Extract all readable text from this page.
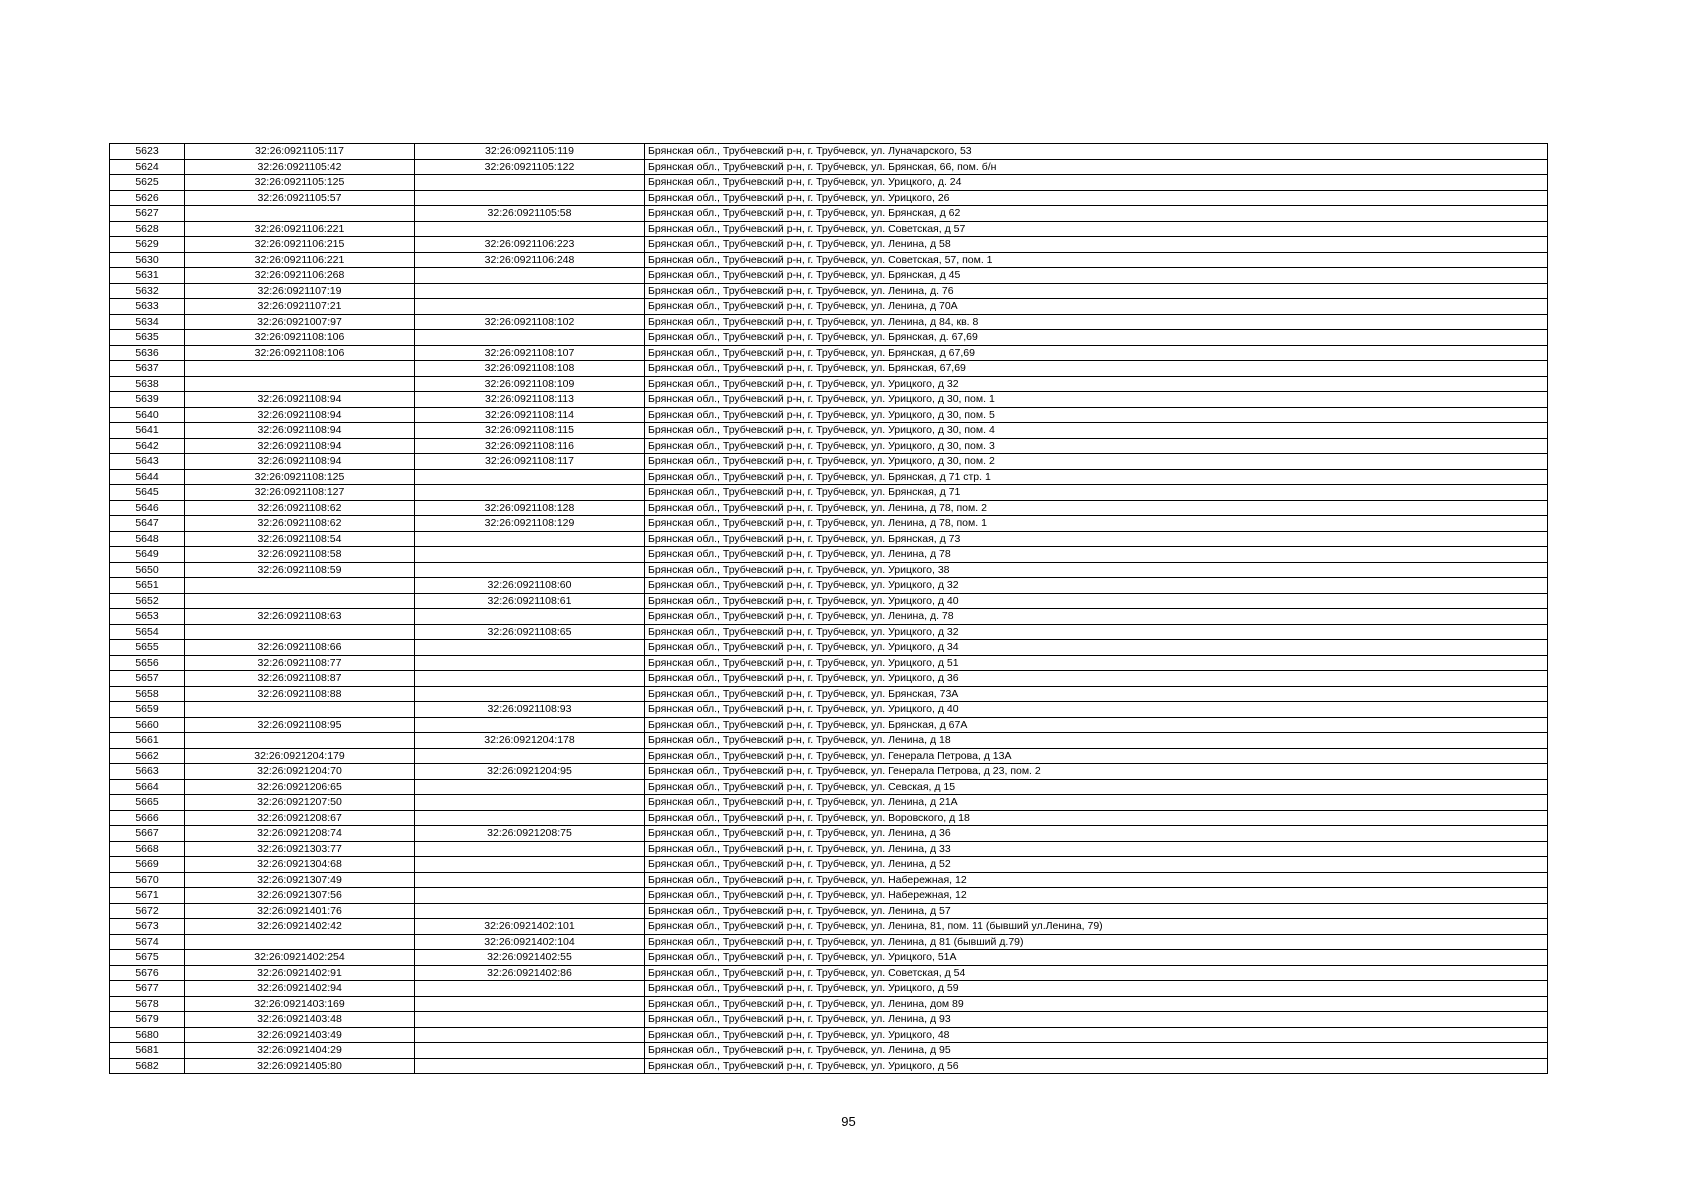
5623	32:26:0921105:117	32:26:0921105:119	Брянская обл., Трубчевский р-н, г. Трубчевск, ул. Луначарского, 53
5624	32:26:0921105:42	32:26:0921105:122	Брянская обл., Трубчевский р-н, г. Трубчевск, ул. Брянская, 66, пом. б/н
5625	32:26:0921105:125		Брянская обл., Трубчевский р-н, г. Трубчевск, ул. Урицкого, д. 24
5626	32:26:0921105:57		Брянская обл., Трубчевский р-н, г. Трубчевск, ул. Урицкого, 26
5627		32:26:0921105:58	Брянская обл., Трубчевский р-н, г. Трубчевск, ул. Брянская, д 62
5628	32:26:0921106:221		Брянская обл., Трубчевский р-н, г. Трубчевск, ул. Советская, д 57
5629	32:26:0921106:215	32:26:0921106:223	Брянская обл., Трубчевский р-н, г. Трубчевск, ул. Ленина, д 58
5630	32:26:0921106:221	32:26:0921106:248	Брянская обл., Трубчевский р-н, г. Трубчевск, ул. Советская, 57, пом. 1
5631	32:26:0921106:268		Брянская обл., Трубчевский р-н, г. Трубчевск, ул. Брянская, д 45
5632	32:26:0921107:19		Брянская обл., Трубчевский р-н, г. Трубчевск, ул. Ленина, д. 76
5633	32:26:0921107:21		Брянская обл., Трубчевский р-н, г. Трубчевск, ул. Ленина, д 70А
5634	32:26:0921007:97	32:26:0921108:102	Брянская обл., Трубчевский р-н, г. Трубчевск, ул. Ленина, д 84, кв. 8
5635	32:26:0921108:106		Брянская обл., Трубчевский р-н, г. Трубчевск, ул. Брянская, д. 67,69
5636	32:26:0921108:106	32:26:0921108:107	Брянская обл., Трубчевский р-н, г. Трубчевск, ул. Брянская, д 67,69
5637		32:26:0921108:108	Брянская обл., Трубчевский р-н, г. Трубчевск, ул. Брянская, 67,69
5638		32:26:0921108:109	Брянская обл., Трубчевский р-н, г. Трубчевск, ул. Урицкого, д 32
5639	32:26:0921108:94	32:26:0921108:113	Брянская обл., Трубчевский р-н, г. Трубчевск, ул. Урицкого, д 30, пом. 1
5640	32:26:0921108:94	32:26:0921108:114	Брянская обл., Трубчевский р-н, г. Трубчевск, ул. Урицкого, д 30, пом. 5
5641	32:26:0921108:94	32:26:0921108:115	Брянская обл., Трубчевский р-н, г. Трубчевск, ул. Урицкого, д 30, пом. 4
5642	32:26:0921108:94	32:26:0921108:116	Брянская обл., Трубчевский р-н, г. Трубчевск, ул. Урицкого, д 30, пом. 3
5643	32:26:0921108:94	32:26:0921108:117	Брянская обл., Трубчевский р-н, г. Трубчевск, ул. Урицкого, д 30, пом. 2
5644	32:26:0921108:125		Брянская обл., Трубчевский р-н, г. Трубчевск, ул. Брянская, д 71 стр. 1
5645	32:26:0921108:127		Брянская обл., Трубчевский р-н, г. Трубчевск, ул. Брянская, д 71
5646	32:26:0921108:62	32:26:0921108:128	Брянская обл., Трубчевский р-н, г. Трубчевск, ул. Ленина, д 78, пом. 2
5647	32:26:0921108:62	32:26:0921108:129	Брянская обл., Трубчевский р-н, г. Трубчевск, ул. Ленина, д 78, пом. 1
5648	32:26:0921108:54		Брянская обл., Трубчевский р-н, г. Трубчевск, ул. Брянская, д 73
5649	32:26:0921108:58		Брянская обл., Трубчевский р-н, г. Трубчевск, ул. Ленина, д 78
5650	32:26:0921108:59		Брянская обл., Трубчевский р-н, г. Трубчевск, ул. Урицкого, 38
5651		32:26:0921108:60	Брянская обл., Трубчевский р-н, г. Трубчевск, ул. Урицкого, д 32
5652		32:26:0921108:61	Брянская обл., Трубчевский р-н, г. Трубчевск, ул. Урицкого, д 40
5653	32:26:0921108:63		Брянская обл., Трубчевский р-н, г. Трубчевск, ул. Ленина, д. 78
5654		32:26:0921108:65	Брянская обл., Трубчевский р-н, г. Трубчевск, ул. Урицкого, д 32
5655	32:26:0921108:66		Брянская обл., Трубчевский р-н, г. Трубчевск, ул. Урицкого, д 34
5656	32:26:0921108:77		Брянская обл., Трубчевский р-н, г. Трубчевск, ул. Урицкого, д 51
5657	32:26:0921108:87		Брянская обл., Трубчевский р-н, г. Трубчевск, ул. Урицкого, д 36
5658	32:26:0921108:88		Брянская обл., Трубчевский р-н, г. Трубчевск, ул. Брянская, 73А
5659		32:26:0921108:93	Брянская обл., Трубчевский р-н, г. Трубчевск, ул. Урицкого, д 40
5660	32:26:0921108:95		Брянская обл., Трубчевский р-н, г. Трубчевск, ул. Брянская, д 67А
5661		32:26:0921204:178	Брянская обл., Трубчевский р-н, г. Трубчевск, ул. Ленина, д 18
5662	32:26:0921204:179		Брянская обл., Трубчевский р-н, г. Трубчевск, ул. Генерала Петрова, д 13А
5663	32:26:0921204:70	32:26:0921204:95	Брянская обл., Трубчевский р-н, г. Трубчевск, ул. Генерала Петрова, д 23, пом. 2
5664	32:26:0921206:65		Брянская обл., Трубчевский р-н, г. Трубчевск, ул. Севская, д 15
5665	32:26:0921207:50		Брянская обл., Трубчевский р-н, г. Трубчевск, ул. Ленина, д 21А
5666	32:26:0921208:67		Брянская обл., Трубчевский р-н, г. Трубчевск, ул. Воровского, д 18
5667	32:26:0921208:74	32:26:0921208:75	Брянская обл., Трубчевский р-н, г. Трубчевск, ул. Ленина, д 36
5668	32:26:0921303:77		Брянская обл., Трубчевский р-н, г. Трубчевск, ул. Ленина, д 33
5669	32:26:0921304:68		Брянская обл., Трубчевский р-н, г. Трубчевск, ул. Ленина, д 52
5670	32:26:0921307:49		Брянская обл., Трубчевский р-н, г. Трубчевск, ул. Набережная, 12
5671	32:26:0921307:56		Брянская обл., Трубчевский р-н, г. Трубчевск, ул. Набережная, 12
5672	32:26:0921401:76		Брянская обл., Трубчевский р-н, г. Трубчевск, ул. Ленина, д 57
5673	32:26:0921402:42	32:26:0921402:101	Брянская обл., Трубчевский р-н, г. Трубчевск, ул. Ленина, 81, пом. 11 (бывший ул.Ленина, 79)
5674		32:26:0921402:104	Брянская обл., Трубчевский р-н, г. Трубчевск, ул. Ленина, д 81 (бывший д.79)
5675	32:26:0921402:254	32:26:0921402:55	Брянская обл., Трубчевский р-н, г. Трубчевск, ул. Урицкого, 51А
5676	32:26:0921402:91	32:26:0921402:86	Брянская обл., Трубчевский р-н, г. Трубчевск, ул. Советская, д 54
5677	32:26:0921402:94		Брянская обл., Трубчевский р-н, г. Трубчевск, ул. Урицкого, д 59
5678	32:26:0921403:169		Брянская обл., Трубчевский р-н, г. Трубчевск, ул. Ленина, дом 89
5679	32:26:0921403:48		Брянская обл., Трубчевский р-н, г. Трубчевск, ул. Ленина, д 93
5680	32:26:0921403:49		Брянская обл., Трубчевский р-н, г. Трубчевск, ул. Урицкого, 48
5681	32:26:0921404:29		Брянская обл., Трубчевский р-н, г. Трубчевск, ул. Ленина, д 95
5682	32:26:0921405:80		Брянская обл., Трубчевский р-н, г. Трубчевск, ул. Урицкого, д 56
95
